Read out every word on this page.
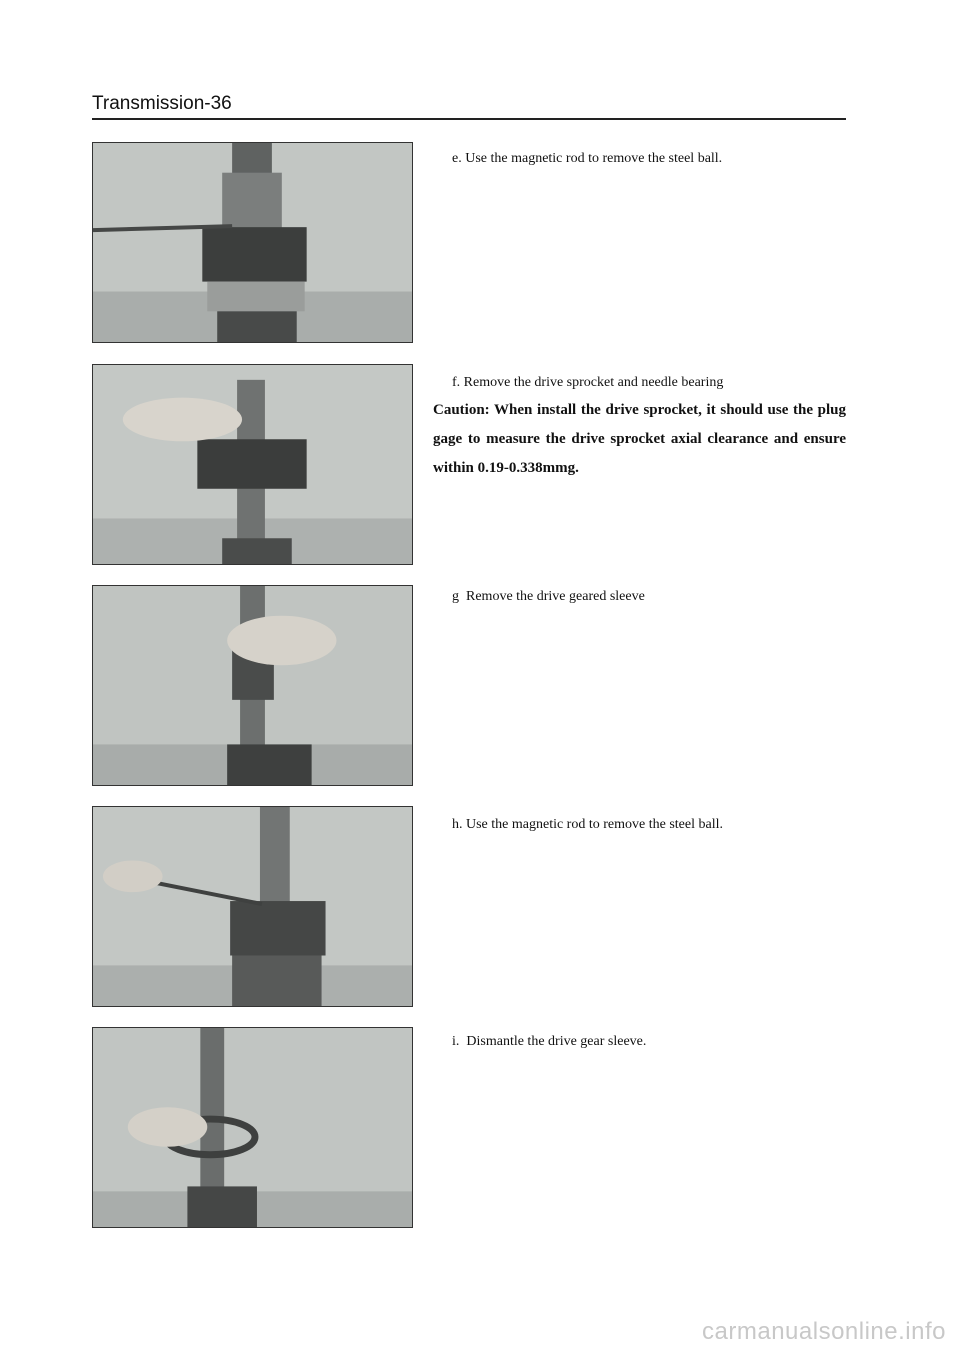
Transmission-36
e. Use the magnetic rod to remove the steel ball.
f. Remove the drive sprocket and needle bearing
Caution: When install the drive sprocket, it should use the plug gage to measure the drive sprocket axial clearance and ensure within 0.19-0.338mmg.
g  Remove the drive geared sleeve
h. Use the magnetic rod to remove the steel ball.
i.  Dismantle the drive gear sleeve.
carmanualsonline.info
